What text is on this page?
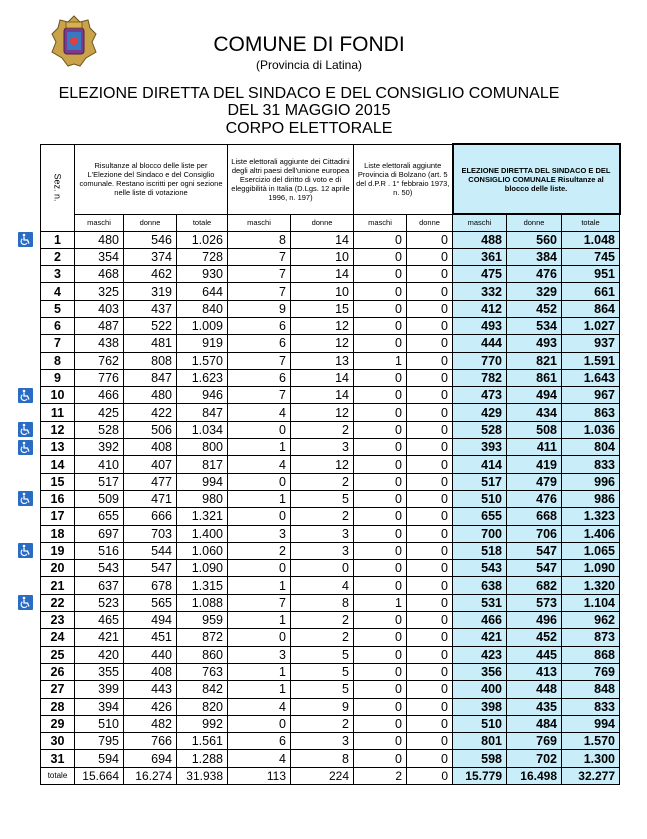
COMUNE DI FONDI
(Provincia di Latina)
ELEZIONE DIRETTA DEL SINDACO E DEL CONSIGLIO COMUNALE
DEL 31 MAGGIO 2015
CORPO ELETTORALE
Sez. n.	Risultanze al blocco delle liste per L'Elezione del Sindaco e del Consiglio comunale. Restano iscritti per ogni sezione nelle liste di votazione			Liste elettorali aggiunte dei Cittadini degli altri paesi dell'unione europea Esercizio del diritto di voto e di eleggibilità in Italia (D.Lgs. 12 aprile 1996, n. 197)		Liste elettorali aggiunte Provincia di Bolzano (art. 5 del d.P.R . 1° febbraio 1973, n. 50)		ELEZIONE DIRETTA DEL SINDACO E DEL CONSIGLIO COMUNALE Risultanze al blocco delle liste.		
	maschi	donne	totale	maschi	donne	maschi	donne	maschi	donne	totale
1	480	546	1.026	8	14	0	0	488	560	1.048
2	354	374	728	7	10	0	0	361	384	745
3	468	462	930	7	14	0	0	475	476	951
4	325	319	644	7	10	0	0	332	329	661
5	403	437	840	9	15	0	0	412	452	864
6	487	522	1.009	6	12	0	0	493	534	1.027
7	438	481	919	6	12	0	0	444	493	937
8	762	808	1.570	7	13	1	0	770	821	1.591
9	776	847	1.623	6	14	0	0	782	861	1.643
10	466	480	946	7	14	0	0	473	494	967
11	425	422	847	4	12	0	0	429	434	863
12	528	506	1.034	0	2	0	0	528	508	1.036
13	392	408	800	1	3	0	0	393	411	804
14	410	407	817	4	12	0	0	414	419	833
15	517	477	994	0	2	0	0	517	479	996
16	509	471	980	1	5	0	0	510	476	986
17	655	666	1.321	0	2	0	0	655	668	1.323
18	697	703	1.400	3	3	0	0	700	706	1.406
19	516	544	1.060	2	3	0	0	518	547	1.065
20	543	547	1.090	0	0	0	0	543	547	1.090
21	637	678	1.315	1	4	0	0	638	682	1.320
22	523	565	1.088	7	8	1	0	531	573	1.104
23	465	494	959	1	2	0	0	466	496	962
24	421	451	872	0	2	0	0	421	452	873
25	420	440	860	3	5	0	0	423	445	868
26	355	408	763	1	5	0	0	356	413	769
27	399	443	842	1	5	0	0	400	448	848
28	394	426	820	4	9	0	0	398	435	833
29	510	482	992	0	2	0	0	510	484	994
30	795	766	1.561	6	3	0	0	801	769	1.570
31	594	694	1.288	4	8	0	0	598	702	1.300
totale	15.664	16.274	31.938	113	224	2	0	15.779	16.498	32.277
